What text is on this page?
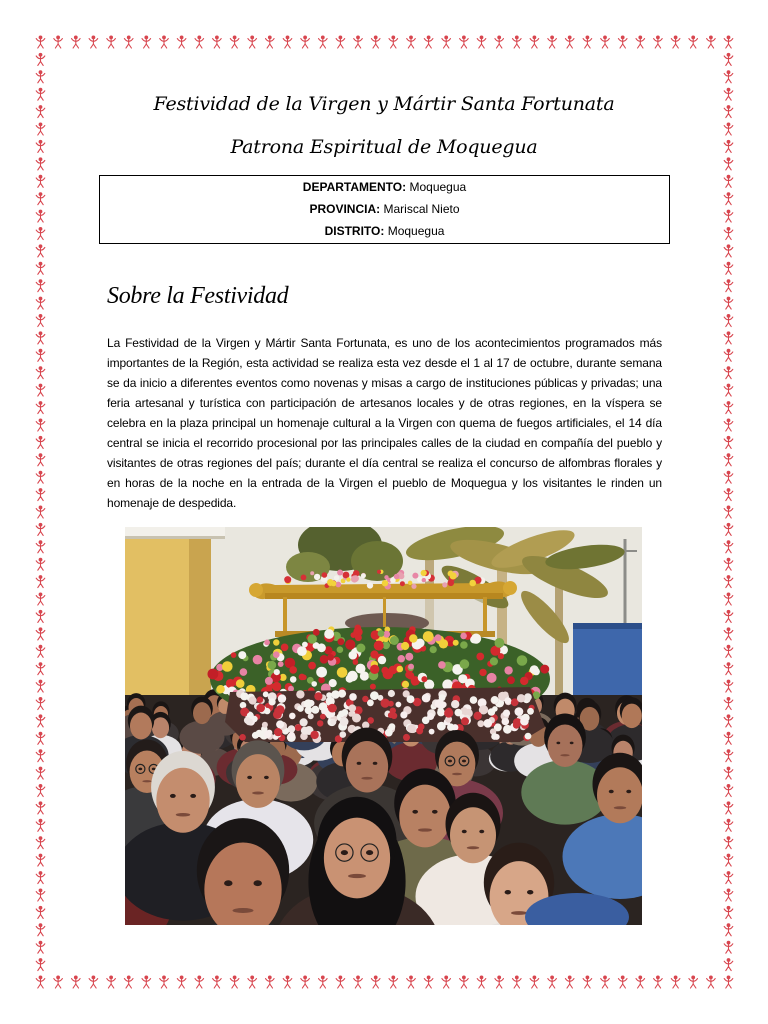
Festividad de la Virgen y Mártir Santa Fortunata
Patrona Espiritual de Moquegua
DEPARTAMENTO: Moquegua
PROVINCIA: Mariscal Nieto
DISTRITO: Moquegua
Sobre la Festividad

La Festividad de la Virgen y Mártir Santa Fortunata, es uno de los acontecimientos programados más importantes de la Región, esta actividad se realiza esta vez desde el 1 al 17 de octubre, durante semana se da inicio a diferentes eventos como novenas y misas a cargo de instituciones públicas y privadas; una feria artesanal y turística con participación de artesanos locales y de otras regiones, en la víspera se celebra en la plaza principal un homenaje cultural a la Virgen con quema de fuegos artificiales, el 14 día central se inicia el recorrido procesional por las principales calles de la ciudad en compañía del pueblo y visitantes de otras regiones del país; durante el día central se realiza el concurso de alfombras florales y en horas de la noche en la entrada de la Virgen el pueblo de Moquegua y los visitantes le rinden un homenaje de despedida.
